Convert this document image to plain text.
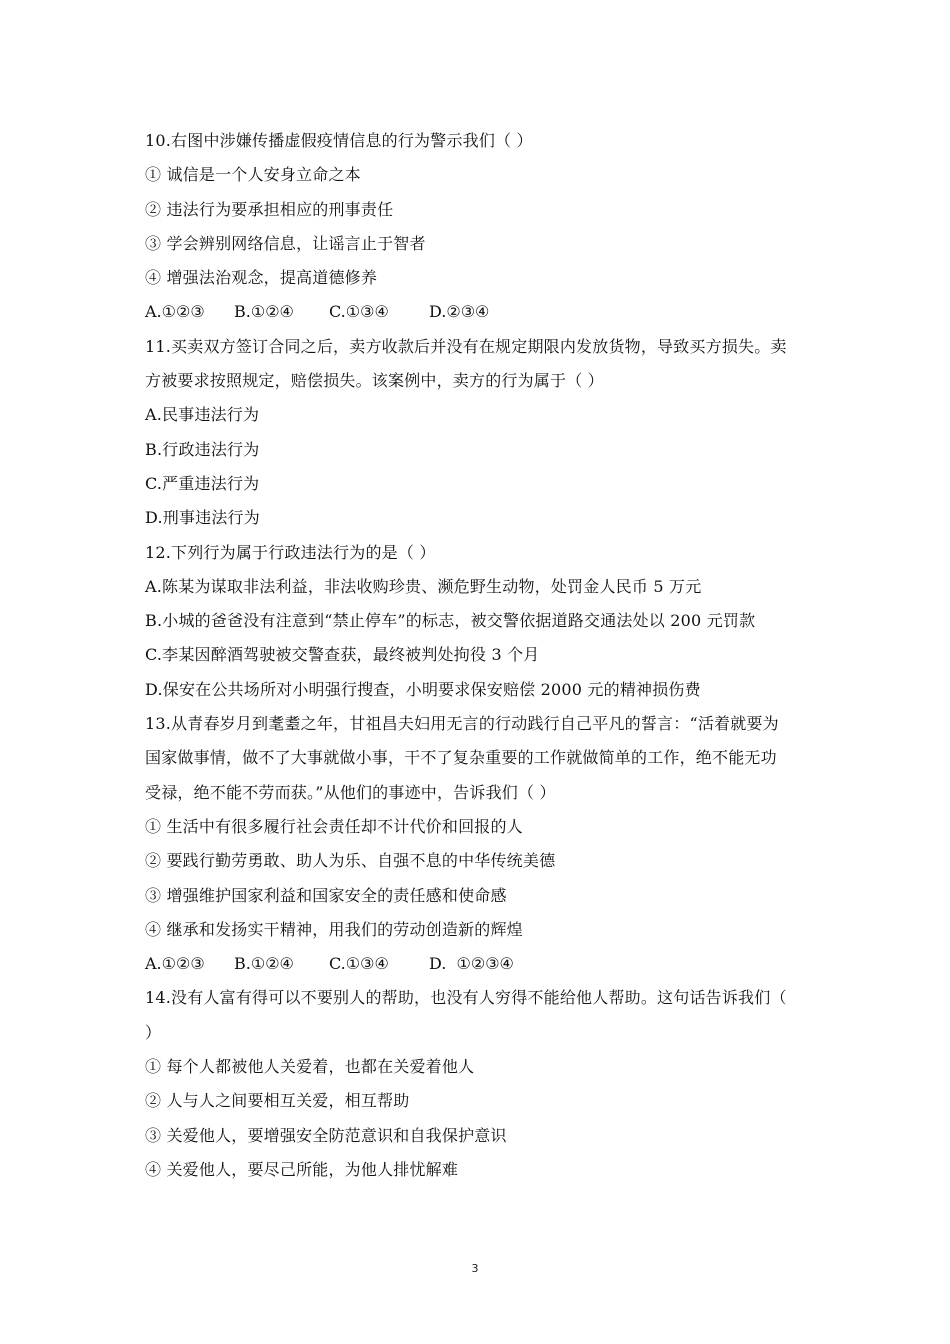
10.右图中涉嫌传播虚假疫情信息的行为警示我们（ ）
① 诚信是一个人安身立命之本
② 违法行为要承担相应的刑事责任
③ 学会辨别网络信息，让谣言止于智者
④ 增强法治观念，提高道德修养
A.①②③ B.①②④ C.①③④	D.②③④
11.买卖双方签订合同之后，卖方收款后并没有在规定期限内发放货物，导致买方损失。卖
方被要求按照规定，赔偿损失。该案例中，卖方的行为属于（ ）
A.民事违法行为
B.行政违法行为
C.严重违法行为
D.刑事违法行为
12.下列行为属于行政违法行为的是（ ）
A.陈某为谋取非法利益，非法收购珍贵、濒危野生动物，处罚金人民币 5 万元
B.小城的爸爸没有注意到“禁止停车”的标志，被交警依据道路交通法处以 200 元罚款
C.李某因醉酒驾驶被交警查获，最终被判处拘役 3 个月
D.保安在公共场所对小明强行搜查，小明要求保安赔偿 2000 元的精神损伤费
13.从青春岁月到耄耋之年，甘祖昌夫妇用无言的行动践行自己平凡的誓言：“活着就要为
国家做事情，做不了大事就做小事，干不了复杂重要的工作就做简单的工作，绝不能无功
受禄，绝不能不劳而获。”从他们的事迹中，告诉我们（ ）
① 生活中有很多履行社会责任却不计代价和回报的人
② 要践行勤劳勇敢、助人为乐、自强不息的中华传统美德
③ 增强维护国家利益和国家安全的责任感和使命感
④ 继承和发扬实干精神，用我们的劳动创造新的辉煌
A.①②③ B.①②④ C.①③④	D.  ①②③④
14.没有人富有得可以不要别人的帮助，也没有人穷得不能给他人帮助。这句话告诉我们（
）
① 每个人都被他人关爱着，也都在关爱着他人
② 人与人之间要相互关爱，相互帮助
③ 关爱他人，要增强安全防范意识和自我保护意识
④ 关爱他人，要尽己所能，为他人排忧解难
3
